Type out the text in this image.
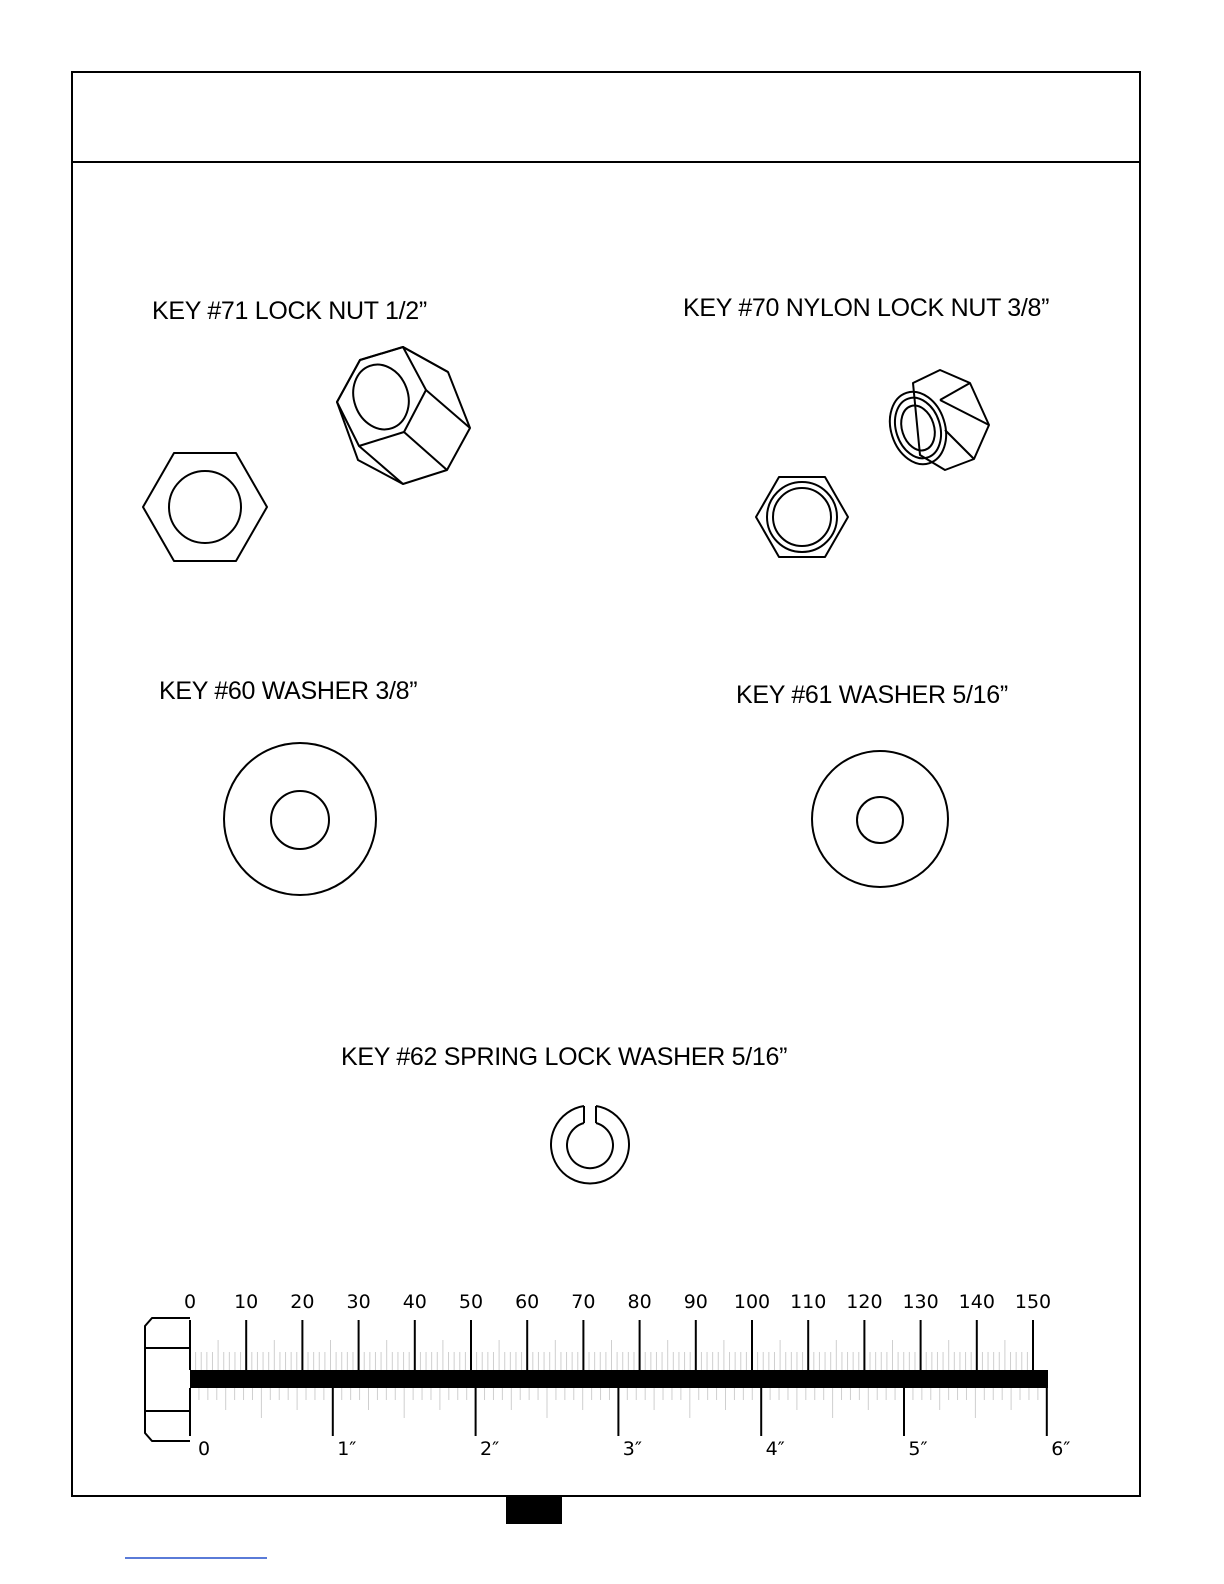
KEY #71 LOCK NUT 1/2”	KEY #70 NYLON LOCK NUT 3/8”
KEY #60 WASHER 3/8”	KEY #61 WASHER 5/16”
KEY #62 SPRING LOCK WASHER 5/16”
0 10 20 30 40 50 60 70 80 90 100 110 120 130 140 150
0	1″	2″	3″	4″	5″	6″
